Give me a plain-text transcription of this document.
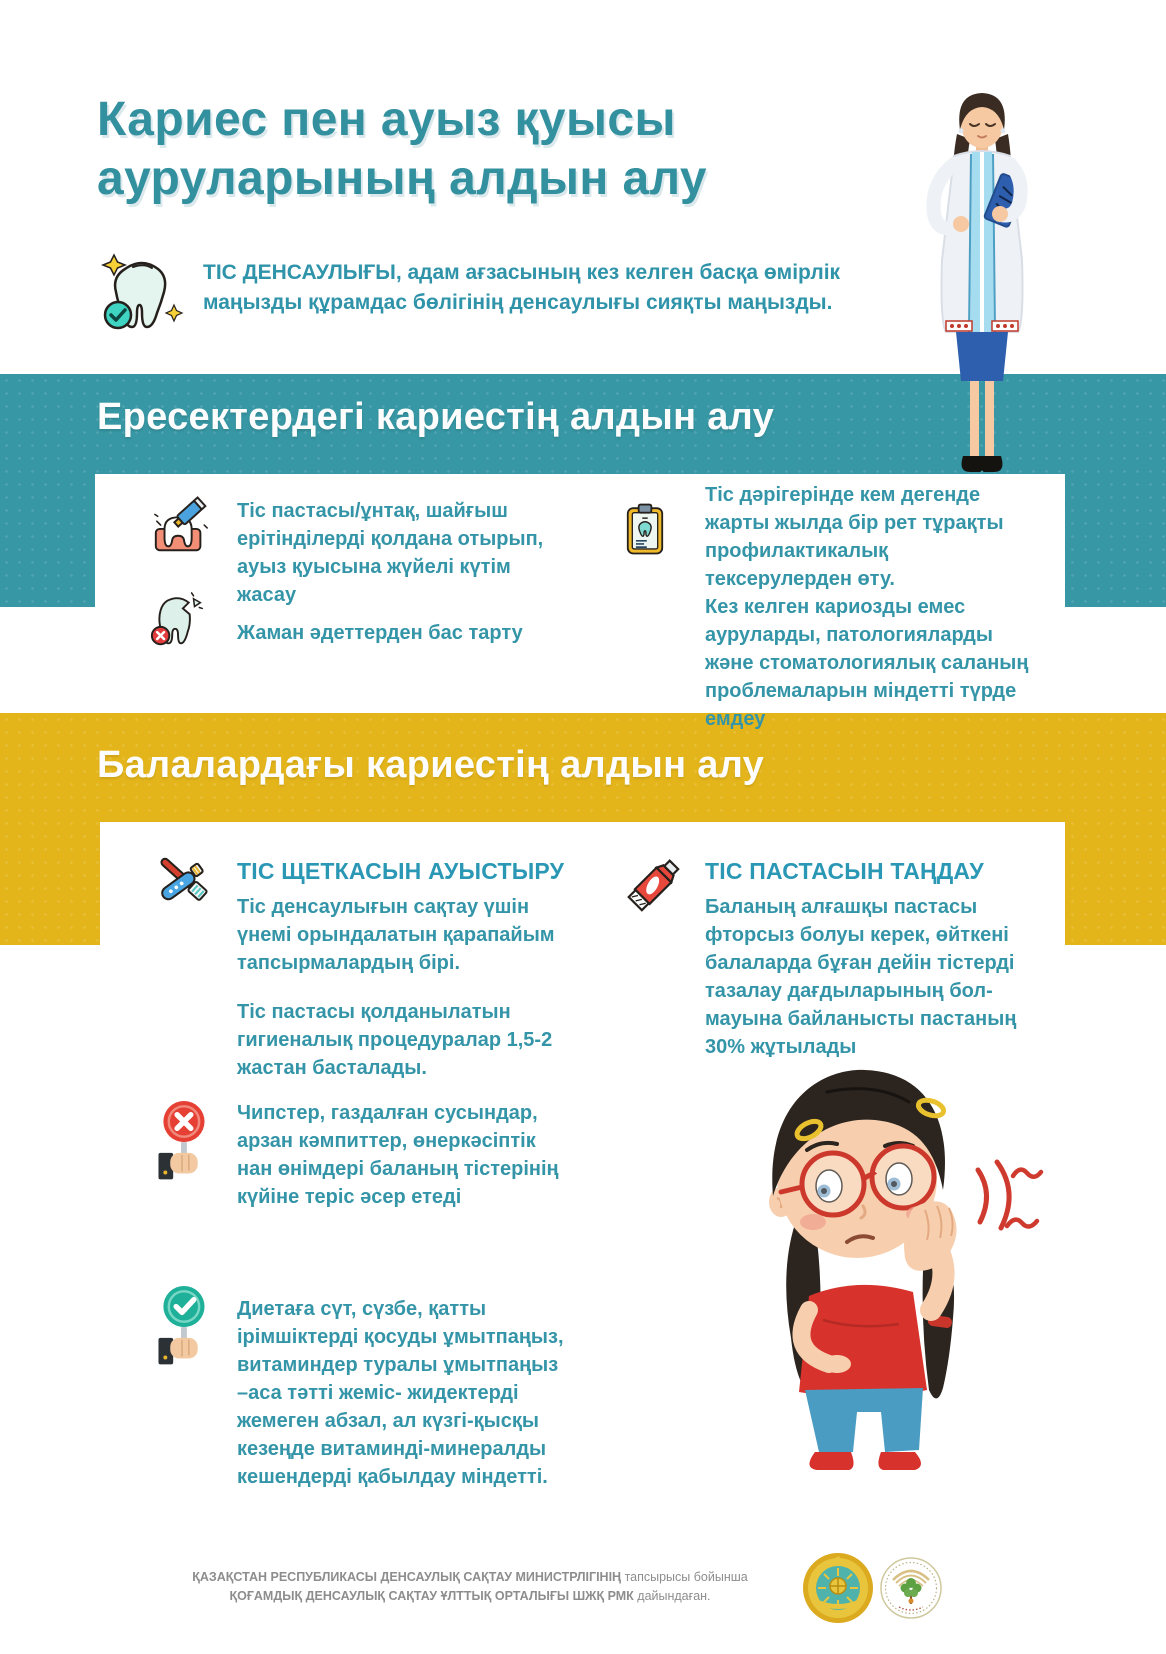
Кариес пен ауыз қуысы
ауруларының алдын алу
ТІС ДЕНСАУЛЫҒЫ, адам ағзасының кез келген басқа өмірлік маңызды құрамдас бөлігінің денсаулығы сияқты маңызды.
Ересектердегі кариестің алдын алу
Тіс пастасы/ұнтақ, шайғыш ерітінділерді қолдана отырып, ауыз қуысына жүйелі күтім жасау
Жаман әдеттерден бас тарту
Тіс дәрігерінде кем дегенде жарты жылда бір рет тұрақты профилактикалық тексерулерден өту.
Кез келген кариозды емес ауруларды, патологияларды және стоматологиялық саланың проблемаларын міндетті түрде емдеу
Балалардағы кариестің алдын алу
ТІС ЩЕТКАСЫН АУЫСТЫРУ
Тіс денсаулығын сақтау үшін үнемі орындалатын қарапайым тапсырмалардың бірі.
Тіс пастасы қолданылатын гигиеналық процедуралар 1,5-2 жастан басталады.
Чипстер, газдалған сусындар, арзан кәмпиттер, өнеркәсіптік нан өнімдері баланың тістерінің күйіне теріс әсер етеді
Диетаға сүт, сүзбе, қатты ірімшіктерді қосуды ұмытпаңыз, витаминдер туралы ұмытпаңыз –аса тәтті жеміс- жидектерді жемеген абзал, ал күзгі-қысқы кезеңде витаминді-минералды кешендерді қабылдау міндетті.
ТІС ПАСТАСЫН ТАҢДАУ
Баланың алғашқы пастасы фторсыз болуы керек, өйткені балаларда бұған дейін тістерді тазалау дағдыларының бол-мауына байланысты пастаның 30% жұтылады
ҚАЗАҚСТАН РЕСПУБЛИКАСЫ ДЕНСАУЛЫҚ САҚТАУ МИНИСТРЛІГІНІҢ тапсырысы бойынша
ҚОҒАМДЫҚ ДЕНСАУЛЫҚ САҚТАУ ҰЛТТЫҚ ОРТАЛЫҒЫ ШЖҚ РМК дайындаған.
